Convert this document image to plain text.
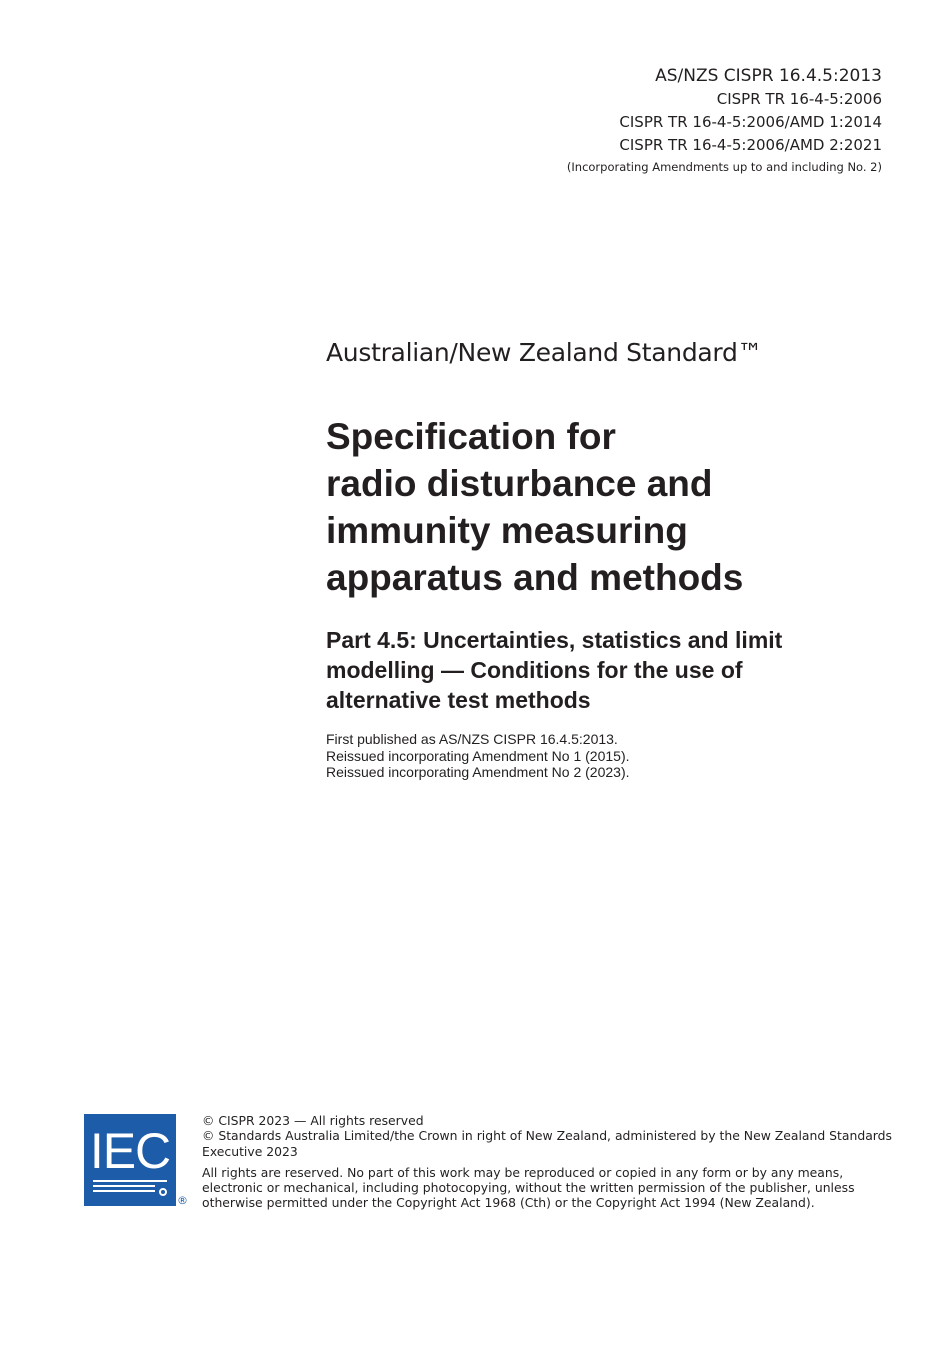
AS/NZS CISPR 16.4.5:2013
CISPR TR 16-4-5:2006
CISPR TR 16-4-5:2006/AMD 1:2014
CISPR TR 16-4-5:2006/AMD 2:2021
(Incorporating Amendments up to and including No. 2)
Australian/New Zealand Standard™
Specification for
radio disturbance and
immunity measuring
apparatus and methods
Part 4.5: Uncertainties, statistics and limit
modelling — Conditions for the use of
alternative test methods
First published as AS/NZS CISPR 16.4.5:2013.
Reissued incorporating Amendment No 1 (2015).
Reissued incorporating Amendment No 2 (2023).
IEC
®
© CISPR 2023 — All rights reserved
© Standards Australia Limited/the Crown in right of New Zealand, administered by the New Zealand Standards
Executive 2023
All rights are reserved. No part of this work may be reproduced or copied in any form or by any means,
electronic or mechanical, including photocopying, without the written permission of the publisher, unless
otherwise permitted under the Copyright Act 1968 (Cth) or the Copyright Act 1994 (New Zealand).
